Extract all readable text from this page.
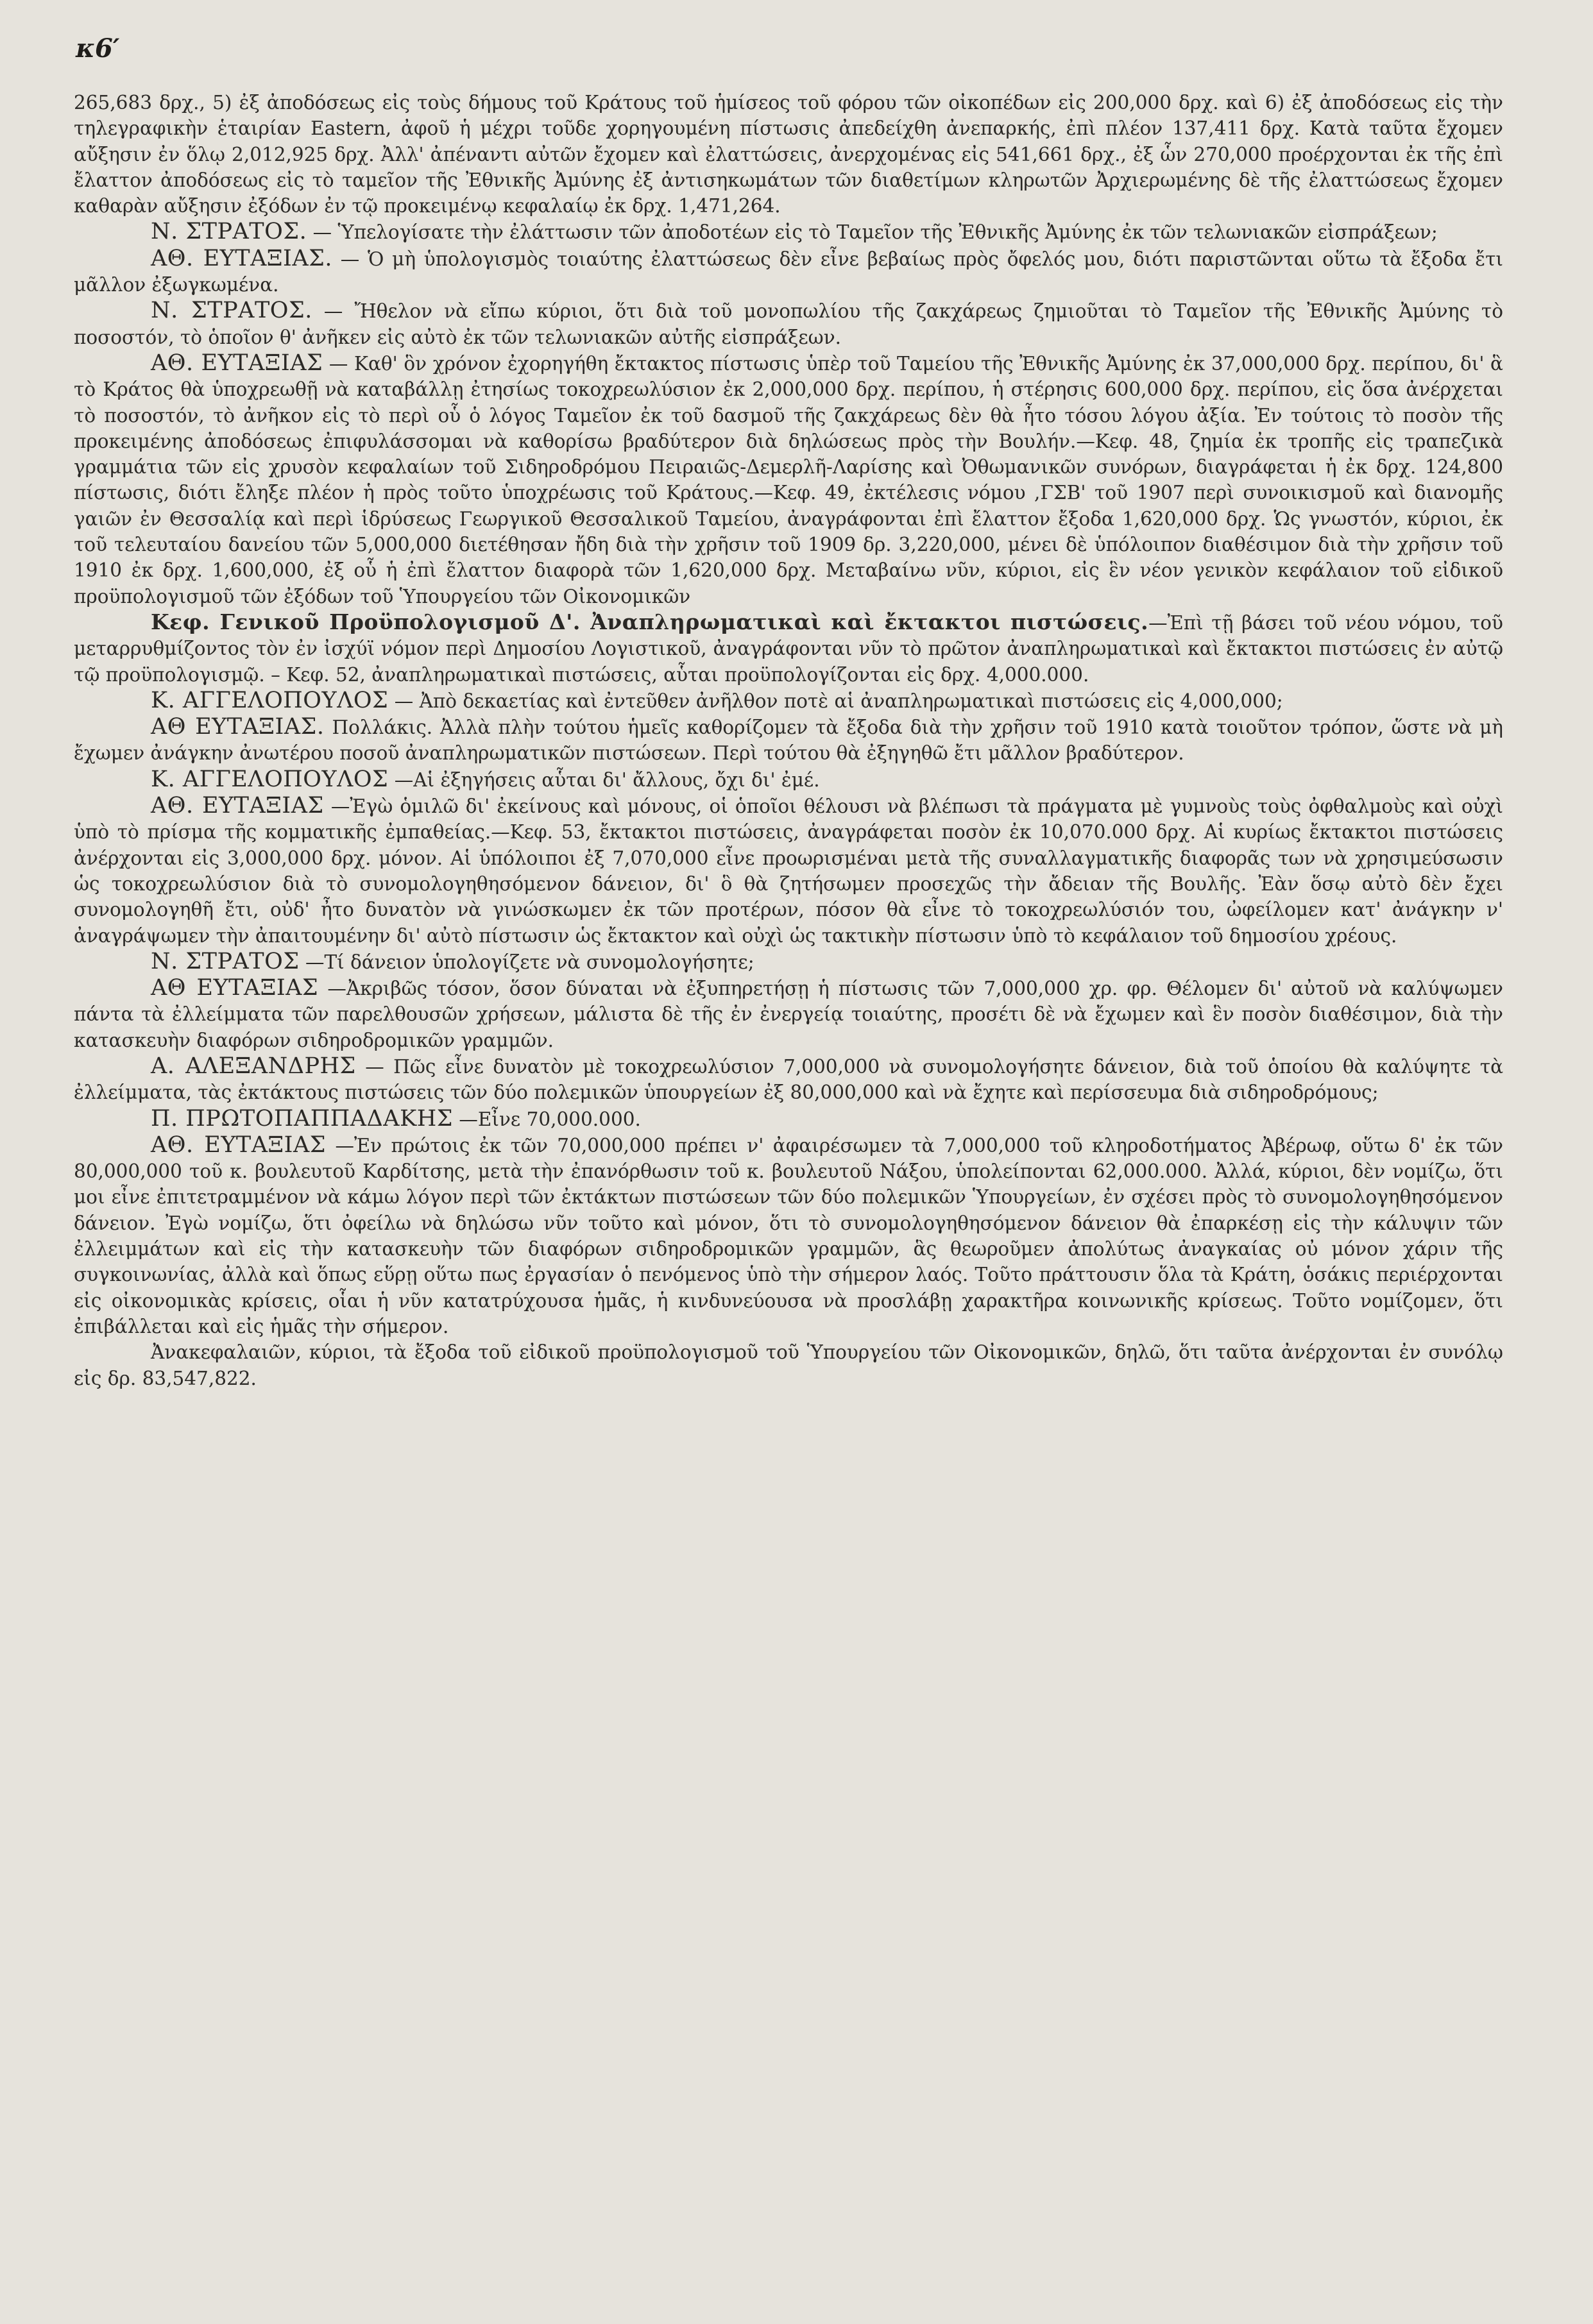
κ6′

265,683 δρχ., 5) ἐξ ἀποδόσεως εἰς τοὺς δήμους τοῦ Κράτους τοῦ ἡμίσεος τοῦ φόρου τῶν οἰκοπέδων εἰς 200,000 δρχ. καὶ 6) ἐξ ἀποδόσεως εἰς τὴν τηλεγραφικὴν ἑταιρίαν Eastern, ἀφοῦ ἡ μέχρι τοῦδε χορηγουμένη πίστωσις ἀπεδείχθη ἀνεπαρκής, ἐπὶ πλέον 137,411 δρχ. Κατὰ ταῦτα ἔχομεν αὔξησιν ἐν ὅλῳ 2,012,925 δρχ. Ἀλλ' ἀπέναντι αὐτῶν ἔχομεν καὶ ἐλαττώσεις, ἀνερχομένας εἰς 541,661 δρχ., ἐξ ὧν 270,000 προέρχονται ἐκ τῆς ἐπὶ ἔλαττον ἀποδόσεως εἰς τὸ ταμεῖον τῆς Ἐθνικῆς Ἀμύνης ἐξ ἀντισηκωμάτων τῶν διαθετίμων κληρωτῶν Ἀρχιερωμένης δὲ τῆς ἐλαττώσεως ἔχομεν καθαρὰν αὔξησιν ἐξόδων ἐν τῷ προκειμένῳ κεφαλαίῳ ἐκ δρχ. 1,471,264.

Ν. ΣΤΡΑΤΟΣ. — Ὑπελογίσατε τὴν ἐλάττωσιν τῶν ἀποδοτέων εἰς τὸ Ταμεῖον τῆς Ἐθνικῆς Ἀμύνης ἐκ τῶν τελωνιακῶν εἰσπράξεων;

ΑΘ. ΕΥΤΑΞΙΑΣ. — Ὁ μὴ ὑπολογισμὸς τοιαύτης ἐλαττώσεως δὲν εἶνε βεβαίως πρὸς ὄφελός μου, διότι παριστῶνται οὕτω τὰ ἔξοδα ἔτι μᾶλλον ἐξωγκωμένα.

Ν. ΣΤΡΑΤΟΣ. — Ἤθελον νὰ εἴπω κύριοι, ὅτι διὰ τοῦ μονοπωλίου τῆς ζακχάρεως ζημιοῦται τὸ Ταμεῖον τῆς Ἐθνικῆς Ἀμύνης τὸ ποσοστόν, τὸ ὁποῖον θ' ἀνῆκεν εἰς αὐτὸ ἐκ τῶν τελωνιακῶν αὐτῆς εἰσπράξεων.

ΑΘ. ΕΥΤΑΞΙΑΣ — Καθ' ὃν χρόνον ἐχορηγήθη ἔκτακτος πίστωσις ὑπὲρ τοῦ Ταμείου τῆς Ἐθνικῆς Ἀμύνης ἐκ 37,000,000 δρχ. περίπου, δι' ἃ τὸ Κράτος θὰ ὑποχρεωθῇ νὰ καταβάλλῃ ἐτησίως τοκοχρεωλύσιον ἐκ 2,000,000 δρχ. περίπου, ἡ στέρησις 600,000 δρχ. περίπου, εἰς ὅσα ἀνέρχεται τὸ ποσοστόν, τὸ ἀνῆκον εἰς τὸ περὶ οὗ ὁ λόγος Ταμεῖον ἐκ τοῦ δασμοῦ τῆς ζακχάρεως δὲν θὰ ἦτο τόσου λόγου ἀξία. Ἐν τούτοις τὸ ποσὸν τῆς προκειμένης ἀποδόσεως ἐπιφυλάσσομαι νὰ καθορίσω βραδύτερον διὰ δηλώσεως πρὸς τὴν Βουλήν.—Κεφ. 48, ζημία ἐκ τροπῆς εἰς τραπεζικὰ γραμμάτια τῶν εἰς χρυσὸν κεφαλαίων τοῦ Σιδηροδρόμου Πειραιῶς-Δεμερλῆ-Λαρίσης καὶ Ὀθωμανικῶν συνόρων, διαγράφεται ἡ ἐκ δρχ. 124,800 πίστωσις, διότι ἔληξε πλέον ἡ πρὸς τοῦτο ὑποχρέωσις τοῦ Κράτους.—Κεφ. 49, ἐκτέλεσις νόμου ,ΓΣΒ' τοῦ 1907 περὶ συνοικισμοῦ καὶ διανομῆς γαιῶν ἐν Θεσσαλίᾳ καὶ περὶ ἱδρύσεως Γεωργικοῦ Θεσσαλικοῦ Ταμείου, ἀναγράφονται ἐπὶ ἔλαττον ἔξοδα 1,620,000 δρχ. Ὡς γνωστόν, κύριοι, ἐκ τοῦ τελευταίου δανείου τῶν 5,000,000 διετέθησαν ἤδη διὰ τὴν χρῆσιν τοῦ 1909 δρ. 3,220,000, μένει δὲ ὑπόλοιπον διαθέσιμον διὰ τὴν χρῆσιν τοῦ 1910 ἐκ δρχ. 1,600,000, ἐξ οὗ ἡ ἐπὶ ἔλαττον διαφορὰ τῶν 1,620,000 δρχ. Μεταβαίνω νῦν, κύριοι, εἰς ἓν νέον γενικὸν κεφάλαιον τοῦ εἰδικοῦ προϋπολογισμοῦ τῶν ἐξόδων τοῦ Ὑπουργείου τῶν Οἰκονομικῶν

Κεφ. Γενικοῦ Προϋπολογισμοῦ Δ'. Ἀναπληρωματικαὶ καὶ ἔκτακτοι πιστώσεις.—Ἐπὶ τῇ βάσει τοῦ νέου νόμου, τοῦ μεταρρυθμίζοντος τὸν ἐν ἰσχύϊ νόμον περὶ Δημοσίου Λογιστικοῦ, ἀναγράφονται νῦν τὸ πρῶτον ἀναπληρωματικαὶ καὶ ἔκτακτοι πιστώσεις ἐν αὐτῷ τῷ προϋπολογισμῷ. – Κεφ. 52, ἀναπληρωματικαὶ πιστώσεις, αὗται προϋπολογίζονται εἰς δρχ. 4,000.000.

Κ. ΑΓΓΕΛΟΠΟΥΛΟΣ — Ἀπὸ δεκαετίας καὶ ἐντεῦθεν ἀνῆλθον ποτὲ αἱ ἀναπληρωματικαὶ πιστώσεις εἰς 4,000,000;

ΑΘ ΕΥΤΑΞΙΑΣ. Πολλάκις. Ἀλλὰ πλὴν τούτου ἡμεῖς καθορίζομεν τὰ ἔξοδα διὰ τὴν χρῆσιν τοῦ 1910 κατὰ τοιοῦτον τρόπον, ὥστε νὰ μὴ ἔχωμεν ἀνάγκην ἀνωτέρου ποσοῦ ἀναπληρωματικῶν πιστώσεων. Περὶ τούτου θὰ ἐξηγηθῶ ἔτι μᾶλλον βραδύτερον.

Κ. ΑΓΓΕΛΟΠΟΥΛΟΣ —Αἱ ἐξηγήσεις αὗται δι' ἄλλους, ὄχι δι' ἐμέ.

ΑΘ. ΕΥΤΑΞΙΑΣ —Ἐγὼ ὁμιλῶ δι' ἐκείνους καὶ μόνους, οἱ ὁποῖοι θέλουσι νὰ βλέπωσι τὰ πράγματα μὲ γυμνοὺς τοὺς ὀφθαλμοὺς καὶ οὐχὶ ὑπὸ τὸ πρίσμα τῆς κομματικῆς ἐμπαθείας.—Κεφ. 53, ἔκτακτοι πιστώσεις, ἀναγράφεται ποσὸν ἐκ 10,070.000 δρχ. Αἱ κυρίως ἔκτακτοι πιστώσεις ἀνέρχονται εἰς 3,000,000 δρχ. μόνον. Αἱ ὑπόλοιποι ἐξ 7,070,000 εἶνε προωρισμέναι μετὰ τῆς συναλλαγματικῆς διαφορᾶς των νὰ χρησιμεύσωσιν ὡς τοκοχρεωλύσιον διὰ τὸ συνομολογηθησόμενον δάνειον, δι' ὃ θὰ ζητήσωμεν προσεχῶς τὴν ἄδειαν τῆς Βουλῆς. Ἐὰν ὅσῳ αὐτὸ δὲν ἔχει συνομολογηθῆ ἔτι, οὐδ' ἦτο δυνατὸν νὰ γινώσκωμεν ἐκ τῶν προτέρων, πόσον θὰ εἶνε τὸ τοκοχρεωλύσιόν του, ὠφείλομεν κατ' ἀνάγκην ν' ἀναγράψωμεν τὴν ἀπαιτουμένην δι' αὐτὸ πίστωσιν ὡς ἔκτακτον καὶ οὐχὶ ὡς τακτικὴν πίστωσιν ὑπὸ τὸ κεφάλαιον τοῦ δημοσίου χρέους.

Ν. ΣΤΡΑΤΟΣ —Τί δάνειον ὑπολογίζετε νὰ συνομολογήσητε;

ΑΘ ΕΥΤΑΞΙΑΣ —Ἀκριβῶς τόσον, ὅσον δύναται νὰ ἐξυπηρετήσῃ ἡ πίστωσις τῶν 7,000,000 χρ. φρ. Θέλομεν δι' αὐτοῦ νὰ καλύψωμεν πάντα τὰ ἐλλείμματα τῶν παρελθουσῶν χρήσεων, μάλιστα δὲ τῆς ἐν ἐνεργείᾳ τοιαύτης, προσέτι δὲ νὰ ἔχωμεν καὶ ἓν ποσὸν διαθέσιμον, διὰ τὴν κατασκευὴν διαφόρων σιδηροδρομικῶν γραμμῶν.

Α. ΑΛΕΞΑΝΔΡΗΣ — Πῶς εἶνε δυνατὸν μὲ τοκοχρεωλύσιον 7,000,000 νὰ συνομολογήσητε δάνειον, διὰ τοῦ ὁποίου θὰ καλύψητε τὰ ἐλλείμματα, τὰς ἐκτάκτους πιστώσεις τῶν δύο πολεμικῶν ὑπουργείων ἐξ 80,000,000 καὶ νὰ ἔχητε καὶ περίσσευμα διὰ σιδηροδρόμους;

Π. ΠΡΩΤΟΠΑΠΠΑΔΑΚΗΣ —Εἶνε 70,000.000.

ΑΘ. ΕΥΤΑΞΙΑΣ —Ἐν πρώτοις ἐκ τῶν 70,000,000 πρέπει ν' ἀφαιρέσωμεν τὰ 7,000,000 τοῦ κληροδοτήματος Ἀβέρωφ, οὕτω δ' ἐκ τῶν 80,000,000 τοῦ κ. βουλευτοῦ Καρδίτσης, μετὰ τὴν ἐπανόρθωσιν τοῦ κ. βουλευτοῦ Νάξου, ὑπολείπονται 62,000.000. Ἀλλά, κύριοι, δὲν νομίζω, ὅτι μοι εἶνε ἐπιτετραμμένον νὰ κάμω λόγον περὶ τῶν ἐκτάκτων πιστώσεων τῶν δύο πολεμικῶν Ὑπουργείων, ἐν σχέσει πρὸς τὸ συνομολογηθησόμενον δάνειον. Ἐγὼ νομίζω, ὅτι ὀφείλω νὰ δηλώσω νῦν τοῦτο καὶ μόνον, ὅτι τὸ συνομολογηθησόμενον δάνειον θὰ ἐπαρκέσῃ εἰς τὴν κάλυψιν τῶν ἐλλειμμάτων καὶ εἰς τὴν κατασκευὴν τῶν διαφόρων σιδηροδρομικῶν γραμμῶν, ἃς θεωροῦμεν ἀπολύτως ἀναγκαίας οὐ μόνον χάριν τῆς συγκοινωνίας, ἀλλὰ καὶ ὅπως εὕρῃ οὕτω πως ἐργασίαν ὁ πενόμενος ὑπὸ τὴν σήμερον λαός. Τοῦτο πράττουσιν ὅλα τὰ Κράτη, ὁσάκις περιέρχονται εἰς οἰκονομικὰς κρίσεις, οἷαι ἡ νῦν κατατρύχουσα ἡμᾶς, ἡ κινδυνεύουσα νὰ προσλάβῃ χαρακτῆρα κοινωνικῆς κρίσεως. Τοῦτο νομίζομεν, ὅτι ἐπιβάλλεται καὶ εἰς ἡμᾶς τὴν σήμερον.

Ἀνακεφαλαιῶν, κύριοι, τὰ ἔξοδα τοῦ εἰδικοῦ προϋπολογισμοῦ τοῦ Ὑπουργείου τῶν Οἰκονομικῶν, δηλῶ, ὅτι ταῦτα ἀνέρχονται ἐν συνόλῳ εἰς δρ. 83,547,822.
